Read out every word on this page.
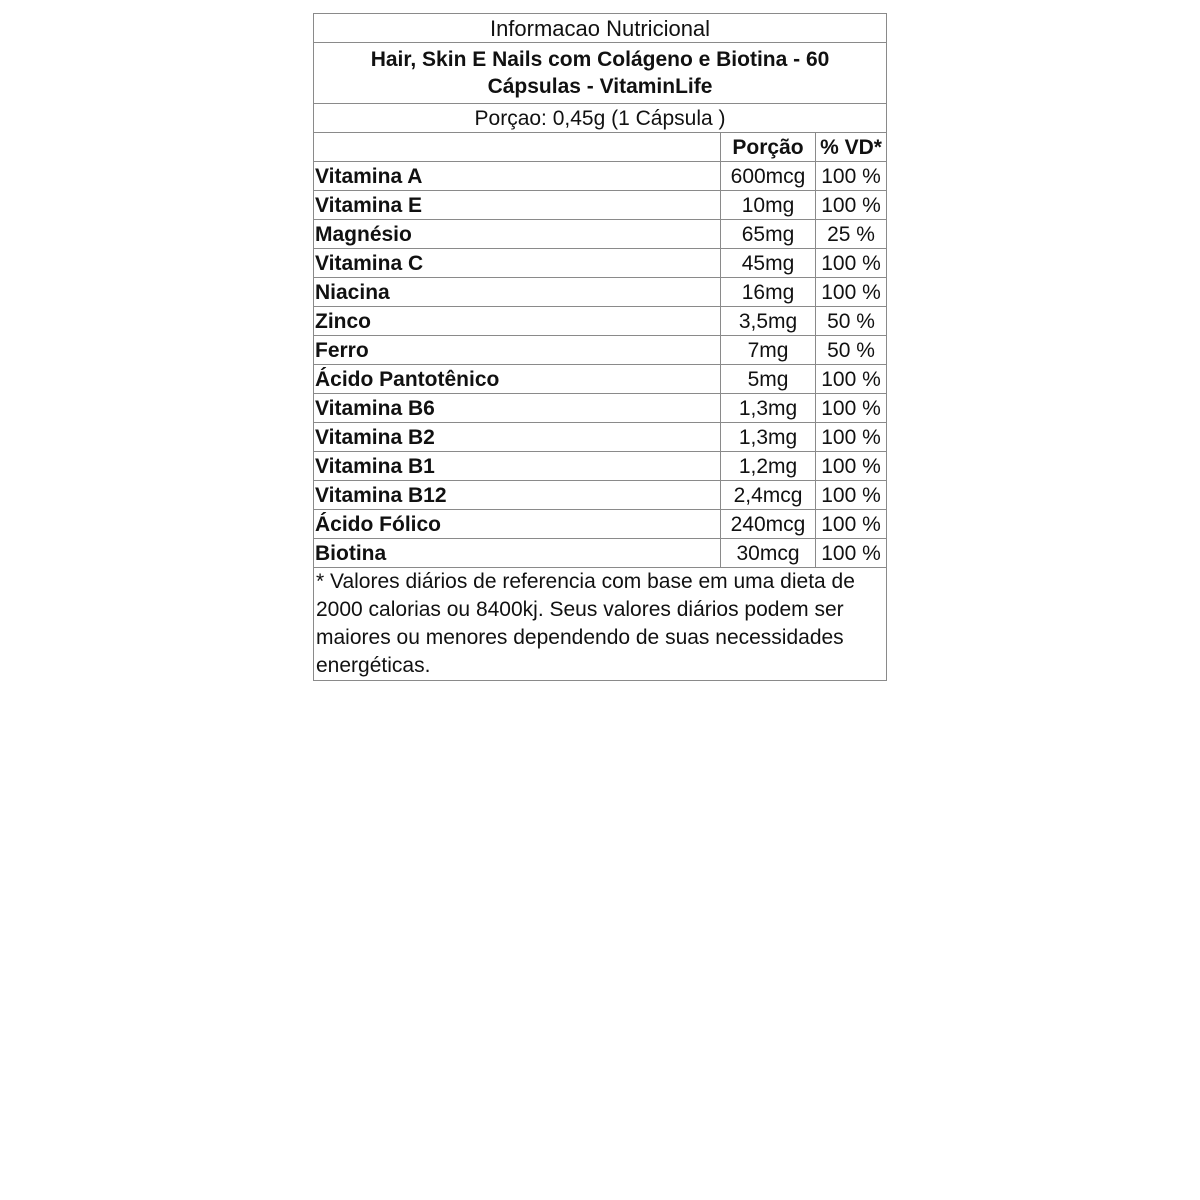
Informacao Nutricional		
Hair, Skin E Nails com Colágeno e Biotina - 60 Cápsulas - VitaminLife		
Porçao: 0,45g (1 Cápsula )		
	Porção	% VD*
Vitamina A	600mcg	100 %
Vitamina E	10mg	100 %
Magnésio	65mg	25 %
Vitamina C	45mg	100 %
Niacina	16mg	100 %
Zinco	3,5mg	50 %
Ferro	7mg	50 %
Ácido Pantotênico	5mg	100 %
Vitamina B6	1,3mg	100 %
Vitamina B2	1,3mg	100 %
Vitamina B1	1,2mg	100 %
Vitamina B12	2,4mcg	100 %
Ácido Fólico	240mcg	100 %
Biotina	30mcg	100 %
* Valores diários de referencia com base em uma dieta de 2000 calorias ou 8400kj. Seus valores diários podem ser maiores ou menores dependendo de suas necessidades energéticas.		
